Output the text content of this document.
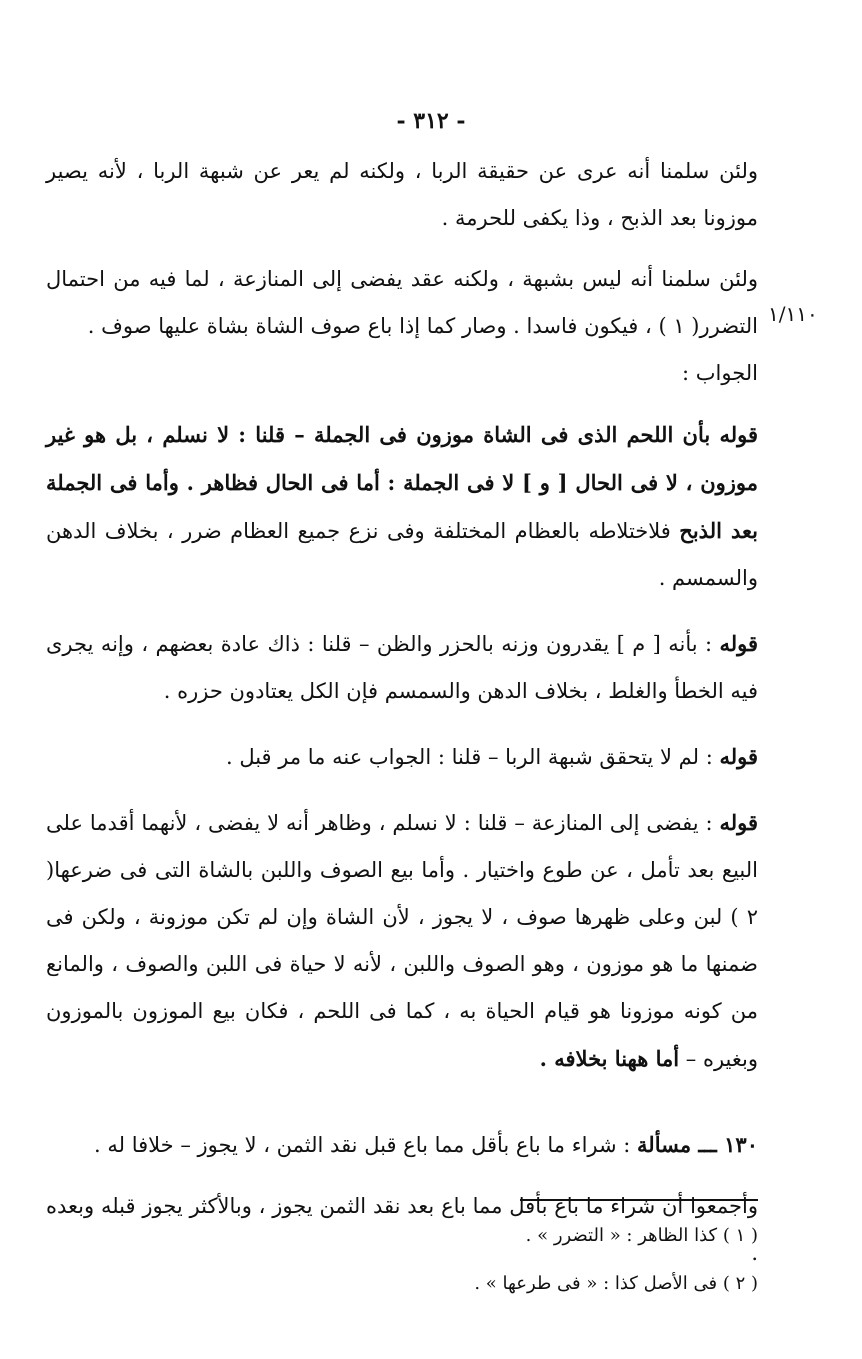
- ٣١٢ -
١/١١٠

ولئن سلمنا أنه عرى عن حقيقة الربا ، ولكنه لم يعر عن شبهة الربا ، لأنه يصير موزونا بعد الذبح ، وذا يكفى للحرمة .

ولئن سلمنا أنه ليس بشبهة ، ولكنه عقد يفضى إلى المنازعة ، لما فيه من احتمال التضرر( ١ ) ، فيكون فاسدا . وصار كما إذا باع صوف الشاة بشاة عليها صوف .

الجواب :

قوله بأن اللحم الذى فى الشاة موزون فى الجملة – قلنا : لا نسلم ، بل هو غير موزون ، لا فى الحال [ و ] لا فى الجملة : أما فى الحال فظاهر . وأما فى الجملة بعد الذبح فلاختلاطه بالعظام المختلفة وفى نزع جميع العظام ضرر ، بخلاف الدهن والسمسم .

قوله : بأنه [ م ] يقدرون وزنه بالحزر والظن – قلنا : ذاك عادة بعضهم ، وإنه يجرى فيه الخطأ والغلط ، بخلاف الدهن والسمسم فإن الكل يعتادون حزره .

قوله : لم لا يتحقق شبهة الربا – قلنا : الجواب عنه ما مر قبل .

قوله : يفضى إلى المنازعة – قلنا : لا نسلم ، وظاهر أنه لا يفضى ، لأنهما أقدما على البيع بعد تأمل ، عن طوع واختيار . وأما بيع الصوف واللبن بالشاة التى فى ضرعها( ٢ ) لبن وعلى ظهرها صوف ، لا يجوز ، لأن الشاة وإن لم تكن موزونة ، ولكن فى ضمنها ما هو موزون ، وهو الصوف واللبن ، لأنه لا حياة فى اللبن والصوف ، والمانع من كونه موزونا هو قيام الحياة به ، كما فى اللحم ، فكان بيع الموزون بالموزون وبغيره – أما ههنا بخلافه .

١٣٠ ـــ مسألة : شراء ما باع بأقل مما باع قبل نقد الثمن ، لا يجوز – خلافا له .

وأجمعوا أن شراء ما باع بأقل مما باع بعد نقد الثمن يجوز ، وبالأكثر يجوز قبله وبعده .

( ١ ) كذا الظاهر : « التضرر » .

( ٢ ) فى الأصل كذا : « فى طرعها » .
